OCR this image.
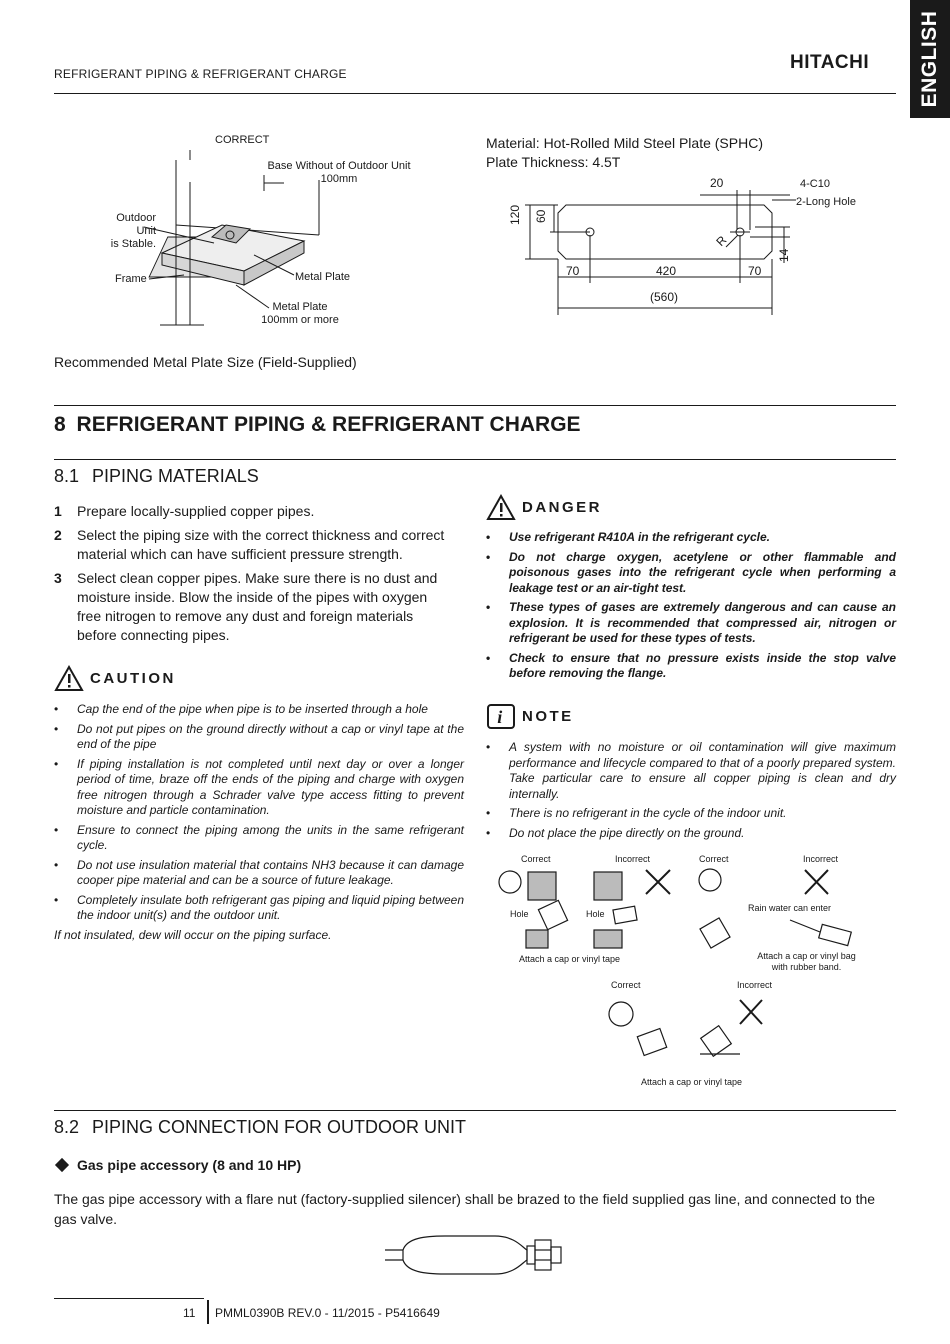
REFRIGERANT PIPING & REFRIGERANT CHARGE
HITACHI ENGLISH
CORRECT
Base Without of Outdoor Unit
100mm
Outdoor Unit
is Stable.
Frame	Metal Plate
Metal Plate
100mm or more
Material: Hot-Rolled Mild Steel Plate (SPHC)
Plate Thickness: 4.5T
20	4-C10
2-Long Hole
120 60
14
R
70	420	70
(560)
Recommended Metal Plate Size (Field-Supplied)
8 REFRIGERANT PIPING & REFRIGERANT CHARGE
8.1 PIPING MATERIALS
1	Prepare locally-supplied copper pipes.
2	Select the piping size with the correct thickness and correct material which can have sufficient pressure strength.
3	Select clean copper pipes. Make sure there is no dust and moisture inside. Blow the inside of the pipes with oxygen free nitrogen to remove any dust and foreign materials before connecting pipes.
CAUTION
• Cap the end of the pipe when pipe is to be inserted through a hole
• Do not put pipes on the ground directly without a cap or vinyl tape at the end of the pipe
• If piping installation is not completed until next day or over a longer period of time, braze off the ends of the piping and charge with oxygen free nitrogen through a Schrader valve type access fitting to prevent moisture and particle contamination.
• Ensure to connect the piping among the units in the same refrigerant cycle.
• Do not use insulation material that contains NH3 because it can damage cooper pipe material and can be a source of future leakage.
• Completely insulate both refrigerant gas piping and liquid piping between the indoor unit(s) and the outdoor unit.
If not insulated, dew will occur on the piping surface.
DANGER
• Use refrigerant R410A in the refrigerant cycle.
• Do not charge oxygen, acetylene or other flammable and poisonous gases into the refrigerant cycle when performing a leakage test or an air-tight test.
• These types of gases are extremely dangerous and can cause an explosion. It is recommended that compressed air, nitrogen or refrigerant be used for these types of tests.
• Check to ensure that no pressure exists inside the stop valve before removing the flange.
i NOTE
• A system with no moisture or oil contamination will give maximum performance and lifecycle compared to that of a poorly prepared system. Take particular care to ensure all copper piping is clean and dry internally.
• There is no refrigerant in the cycle of the indoor unit.
• Do not place the pipe directly on the ground.
Correct	Incorrect	Correct	Incorrect
Hole	Hole
Rain water can enter
Attach a cap or vinyl tape	Attach a cap or vinyl bag
with rubber band.
Correct	Incorrect
Attach a cap or vinyl tape
8.2 PIPING CONNECTION FOR OUTDOOR UNIT
Gas pipe accessory (8 and 10 HP)
The gas pipe accessory with a flare nut (factory-supplied silencer) shall be brazed to the field supplied gas line, and connected to the gas valve.
11 PMML0390B REV.0 - 11/2015 - P5416649
